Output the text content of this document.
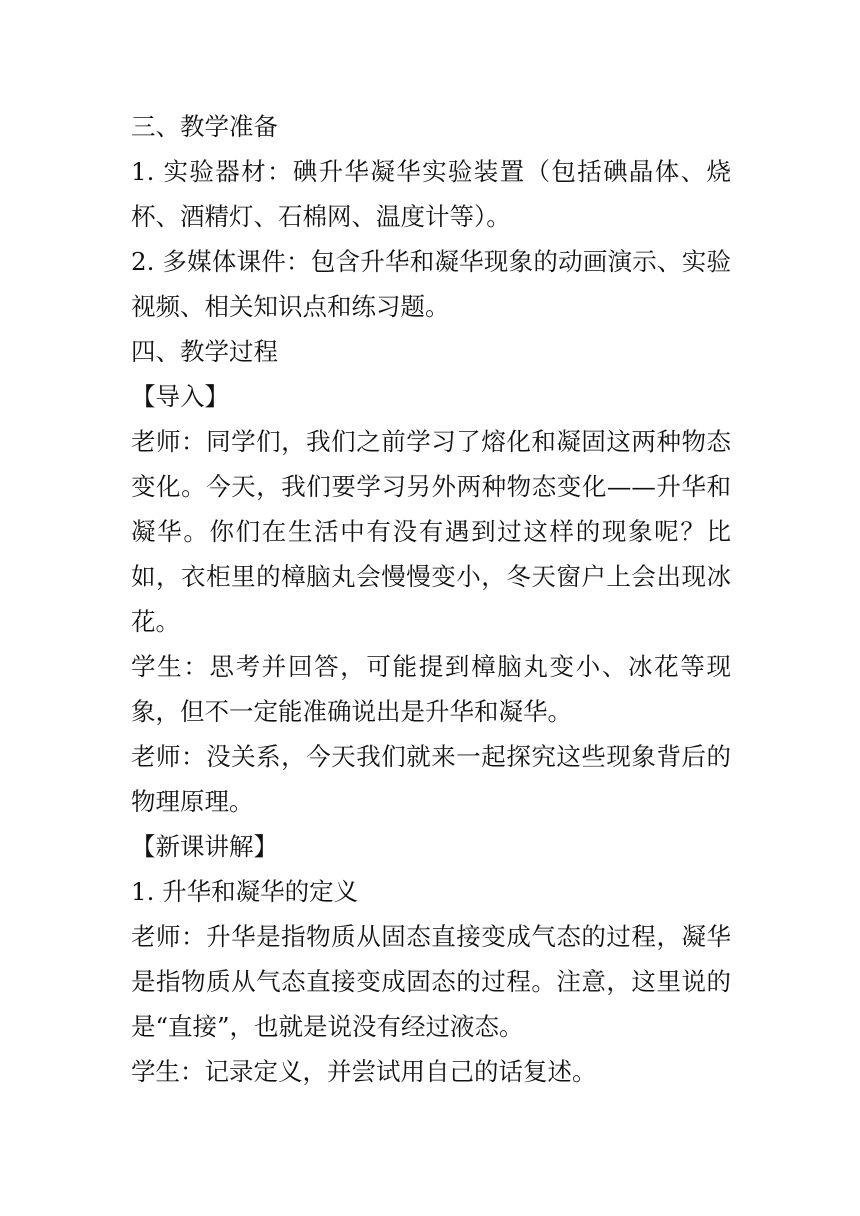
三、教学准备

1. 实验器材：碘升华凝华实验装置（包括碘晶体、烧杯、酒精灯、石棉网、温度计等）。

2. 多媒体课件：包含升华和凝华现象的动画演示、实验视频、相关知识点和练习题。

四、教学过程

【导入】

老师：同学们，我们之前学习了熔化和凝固这两种物态变化。今天，我们要学习另外两种物态变化——升华和凝华。你们在生活中有没有遇到过这样的现象呢？比如，衣柜里的樟脑丸会慢慢变小，冬天窗户上会出现冰花。

学生：思考并回答，可能提到樟脑丸变小、冰花等现象，但不一定能准确说出是升华和凝华。

老师：没关系，今天我们就来一起探究这些现象背后的物理原理。

【新课讲解】

1. 升华和凝华的定义

老师：升华是指物质从固态直接变成气态的过程，凝华是指物质从气态直接变成固态的过程。注意，这里说的是“直接”，也就是说没有经过液态。

学生：记录定义，并尝试用自己的话复述。
